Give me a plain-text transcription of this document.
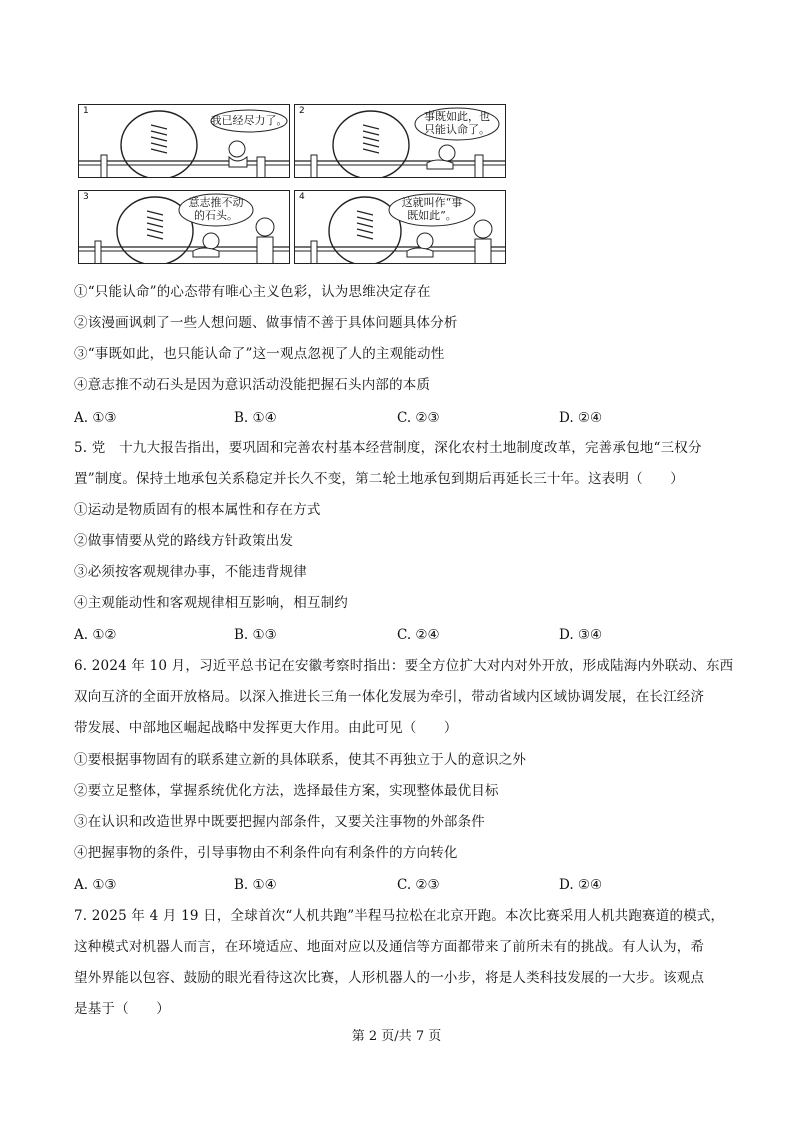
1
我已经尽力了。
2	事既如此，也
只能认命了。
3	意志推不动
的石头。
4	这就叫作“事
既如此”。
①“只能认命”的心态带有唯心主义色彩，认为思维决定存在
②该漫画讽刺了一些人想问题、做事情不善于具体问题具体分析
③“事既如此，也只能认命了”这一观点忽视了人的主观能动性
④意志推不动石头是因为意识活动没能把握石头内部的本质
A. ①③	B. ①④	C. ②③	D. ②④
5. 党　十九大报告指出，要巩固和完善农村基本经营制度，深化农村土地制度改革，完善承包地“三权分
置”制度。保持土地承包关系稳定并长久不变，第二轮土地承包到期后再延长三十年。这表明（　　）
①运动是物质固有的根本属性和存在方式
②做事情要从党的路线方针政策出发
③必须按客观规律办事，不能违背规律
④主观能动性和客观规律相互影响，相互制约
A. ①②	B. ①③	C. ②④	D. ③④
6. 2024 年 10 月，习近平总书记在安徽考察时指出：要全方位扩大对内对外开放，形成陆海内外联动、东西
双向互济的全面开放格局。以深入推进长三角一体化发展为牵引，带动省域内区域协调发展，在长江经济
带发展、中部地区崛起战略中发挥更大作用。由此可见（　　）
①要根据事物固有的联系建立新的具体联系，使其不再独立于人的意识之外
②要立足整体，掌握系统优化方法，选择最佳方案，实现整体最优目标
③在认识和改造世界中既要把握内部条件，又要关注事物的外部条件
④把握事物的条件，引导事物由不利条件向有利条件的方向转化
A. ①③	B. ①④	C. ②③	D. ②④
7. 2025 年 4 月 19 日，全球首次“人机共跑”半程马拉松在北京开跑。本次比赛采用人机共跑赛道的模式，
这种模式对机器人而言，在环境适应、地面对应以及通信等方面都带来了前所未有的挑战。有人认为，希
望外界能以包容、鼓励的眼光看待这次比赛，人形机器人的一小步，将是人类科技发展的一大步。该观点
是基于（　　）
第 2 页/共 7 页
